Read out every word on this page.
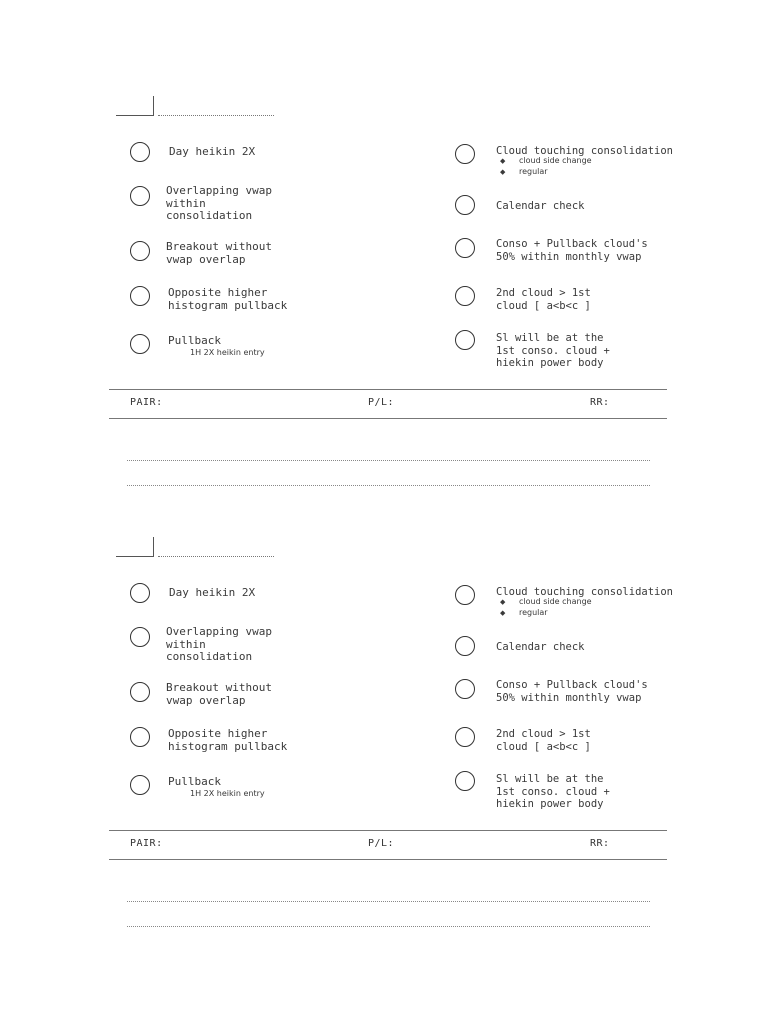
Day heikin 2X
Overlapping vwap
within
consolidation
Breakout without
vwap overlap
Opposite higher
histogram pullback
Pullback
1H 2X heikin entry
Cloud touching consolidation
◆ cloud side change
◆ regular
Calendar check
Conso + Pullback cloud's
50% within monthly vwap
2nd cloud > 1st
cloud [ a<b<c ]
Sl will be at the
1st conso. cloud +
hiekin power body
PAIR:	P/L:	RR:
Day heikin 2X
Overlapping vwap
within
consolidation
Breakout without
vwap overlap
Opposite higher
histogram pullback
Pullback
1H 2X heikin entry
Cloud touching consolidation
◆ cloud side change
◆ regular
Calendar check
Conso + Pullback cloud's
50% within monthly vwap
2nd cloud > 1st
cloud [ a<b<c ]
Sl will be at the
1st conso. cloud +
hiekin power body
PAIR:	P/L:	RR:
